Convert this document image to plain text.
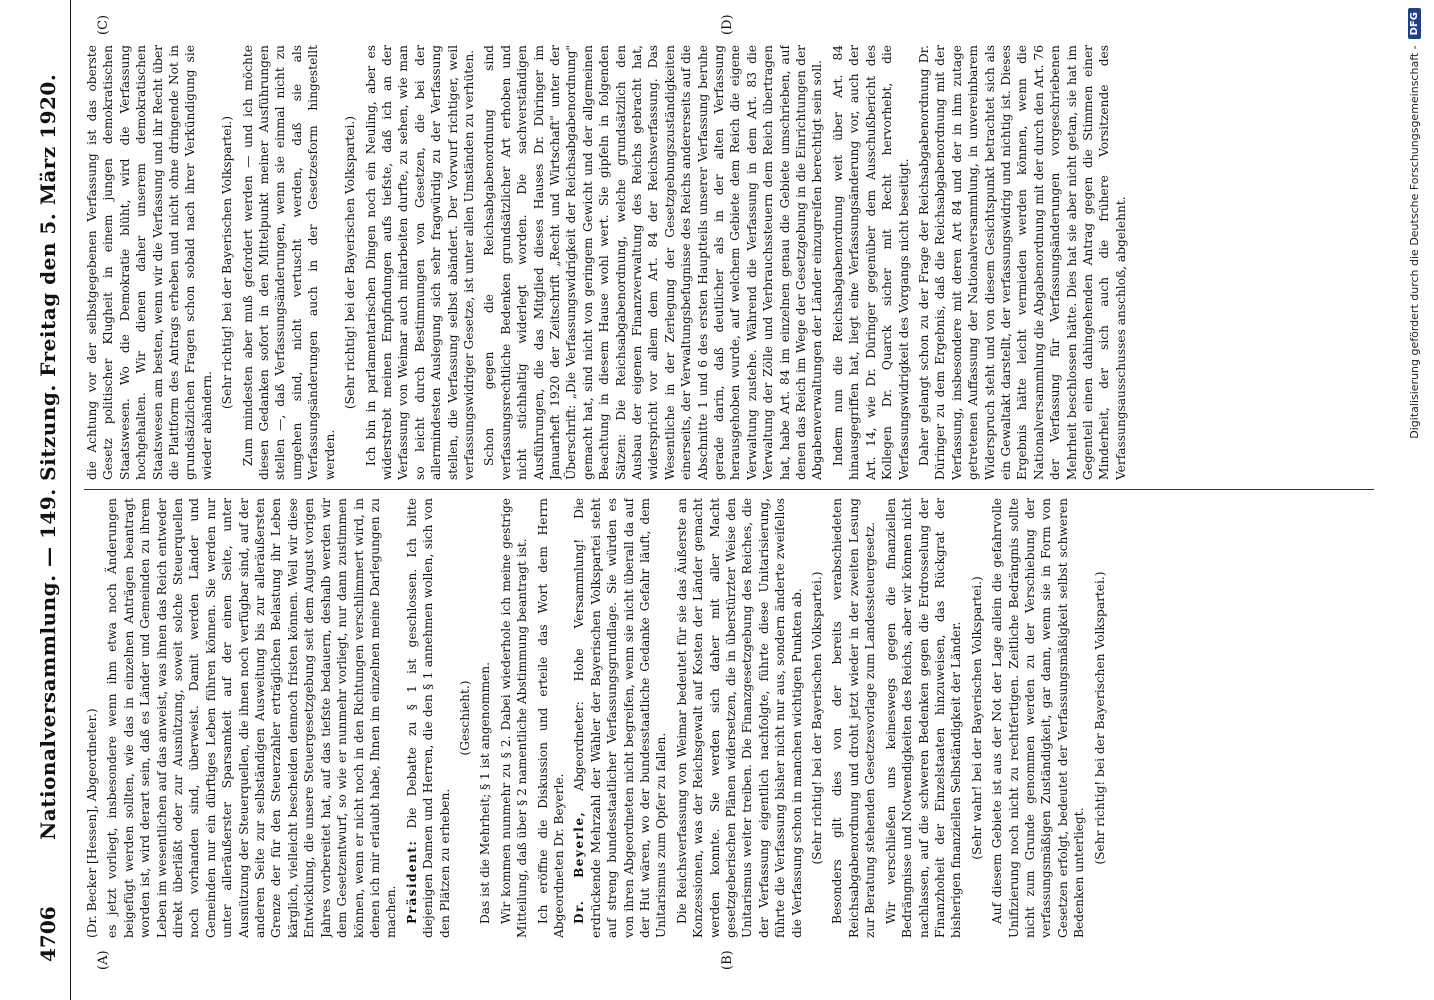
4706
Nationalversammlung. — 149. Sitzung. Freitag den 5. März 1920.
(A)	(B)
(C)	(D)

(Dr. Becker [Hessen], Abgeordneter.) es jetzt vorliegt, insbesondere wenn ihm etwa noch Änderungen beigefügt werden sollten, wie das in einzelnen Anträgen beantragt worden ist, wird derart sein, daß es Länder und Gemeinden zu ihrem Leben im wesentlichen auf das anweist, was ihnen das Reich entweder direkt überläßt oder zur Ausnützung, soweit solche Steuerquellen noch vorhanden sind, überweist. Damit werden Länder und Gemeinden nur ein dürftiges Leben führen können. Sie werden nur unter alleräußerster Sparsamkeit auf der einen Seite, unter Ausnützung der Steuerquellen, die ihnen noch verfügbar sind, auf der anderen Seite zur selbständigen Ausweitung bis zur alleräußersten Grenze der für den Steuerzahler erträglichen Belastung ihr Leben kärglich, vielleicht bescheiden dennoch fristen können. Weil wir diese Entwicklung, die unsere Steuergesetzgebung seit dem August vorigen Jahres vorbereitet hat, auf das tiefste bedauern, deshalb werden wir dem Gesetzentwurf, so wie er nunmehr vorliegt, nur dann zustimmen können, wenn er nicht noch in den Richtungen verschlimmert wird, in denen ich mir erlaubt habe, Ihnen im einzelnen meine Darlegungen zu machen. Präsident: Die Debatte zu § 1 ist geschlossen. Ich bitte diejenigen Damen und Herren, die den § 1 annehmen wollen, sich von den Plätzen zu erheben.

(Geschieht.) Das ist die Mehrheit; § 1 ist angenommen. Wir kommen nunmehr zu § 2. Dabei wiederhole ich meine gestrige Mitteilung, daß über § 2 namentliche Abstimmung beantragt ist. Ich eröffne die Diskussion und erteile das Wort dem Herrn Abgeordneten Dr. Beyerle. Dr. Beyerle, Abgeordneter: Hohe Versammlung! Die erdrückende Mehrzahl der Wähler der Bayerischen Volkspartei steht auf streng bundesstaatlicher Verfassungsgrundlage. Sie würden es von ihren Abgeordneten nicht begreifen, wenn sie nicht überall da auf der Hut wären, wo der bundesstaatliche Gedanke Gefahr läuft, dem Unitarismus zum Opfer zu fallen. Die Reichsverfassung von Weimar bedeutet für sie das Äußerste an Konzessionen, was der Reichsgewalt auf Kosten der Länder gemacht werden konnte. Sie werden sich daher mit aller Macht gesetzgeberischen Plänen widersetzen, die in überstürzter Weise den Unitarismus weiter treiben. Die Finanzgesetzgebung des Reiches, die der Verfassung eigentlich nachfolgte, führte diese Unitarisierung, führte die Verfassung bisher nicht nur aus, sondern änderte zweifellos die Verfassung schon in manchen wichtigen Punkten ab. (Sehr richtig! bei der Bayerischen Volkspartei.) Besonders gilt dies von der bereits verabschiedeten Reichsabgabenordnung und droht jetzt wieder in der zweiten Lesung zur Beratung stehenden Gesetzesvorlage zum Landessteuergesetz. Wir verschließen uns keineswegs gegen die finanziellen Bedrängnisse und Notwendigkeiten des Reichs, aber wir können nicht nachlassen, auf die schweren Bedenken gegen die Erdrosselung der Finanzhoheit der Einzelstaaten hinzuweisen, das Rückgrat der bisherigen finanziellen Selbständigkeit der Länder. (Sehr wahr! bei der Bayerischen Volkspartei.) Auf diesem Gebiete ist aus der Not der Lage allein die gefahrvolle Unifizierung noch nicht zu rechtfertigen. Zeitliche Bedrängnis sollte nicht zum Grunde genommen werden zu der Verschiebung der verfassungsmäßigen Zuständigkeit, gar dann, wenn sie in Form von Gesetzen erfolgt, bedeutet der Verfassungsmäßigkeit selbst schweren Bedenken unterliegt.

(Sehr richtig! bei der Bayerischen Volkspartei.)

die Achtung vor der selbstgegebenen Verfassung ist das oberste Gesetz politischer Klugheit in einem jungen demokratischen Staatswesen. Wo die Demokratie blüht, wird die Verfassung hochgehalten. Wir dienen daher unserem demokratischen Staatswesen am besten, wenn wir die Verfassung und ihr Recht über die Plattform des Antrags erheben und nicht ohne dringende Not in grundsätzlichen Fragen schon sobald nach ihrer Verkündigung sie wieder abändern.

(Sehr richtig! bei der Bayerischen Volkspartei.) Zum mindesten aber muß gefordert werden — und ich möchte diesen Gedanken sofort in den Mittelpunkt meiner Ausführungen stellen —, daß Verfassungsänderungen, wenn sie einmal nicht zu umgehen sind, nicht vertuscht werden, daß sie als Verfassungsänderungen auch in der Gesetzesform hingestellt werden.

(Sehr richtig! bei der Bayerischen Volkspartei.) Ich bin in parlamentarischen Dingen noch ein Neuling, aber es widerstrebt meinen Empfindungen aufs tiefste, daß ich an der Verfassung von Weimar auch mitarbeiten durfte, zu sehen, wie man so leicht durch Bestimmungen von Gesetzen, die bei der allermindesten Auslegung sich sehr fragwürdig zu der Verfassung stellen, die Verfassung selbst abändert. Der Vorwurf richtiger, weil verfassungswidriger Gesetze, ist unter allen Umständen zu verhüten. Schon gegen die Reichsabgabenordnung sind verfassungsrechtliche Bedenken grundsätzlicher Art erhoben und nicht stichhaltig widerlegt worden. Die sachverständigen Ausführungen, die das Mitglied dieses Hauses Dr. Düringer im Januarheft 1920 der Zeitschrift „Recht und Wirtschaft" unter der Überschrift: „Die Verfassungswidrigkeit der Reichsabgabenordnung" gemacht hat, sind nicht von geringem Gewicht und der allgemeinen Beachtung in diesem Hause wohl wert. Sie gipfeln in folgenden Sätzen: Die Reichsabgabenordnung, welche grundsätzlich den Ausbau der eigenen Finanzverwaltung des Reichs gebracht hat, widerspricht vor allem dem Art. 84 der Reichsverfassung. Das Wesentliche in der Zerlegung der Gesetzgebungszuständigkeiten einerseits, der Verwaltungsbefugnisse des Reichs andererseits auf die Abschnitte 1 und 6 des ersten Hauptteils unserer Verfassung beruhe gerade darin, daß deutlicher als in der alten Verfassung herausgehoben wurde, auf welchem Gebiete dem Reich die eigene Verwaltung zustehe. Während die Verfassung in dem Art. 83 die Verwaltung der Zölle und Verbrauchssteuern dem Reich übertragen hat, habe Art. 84 im einzelnen genau die Gebiete umschrieben, auf denen das Reich im Wege der Gesetzgebung in die Einrichtungen der Abgabenverwaltungen der Länder einzugreifen berechtigt sein soll. Indem nun die Reichsabgabenordnung weit über Art. 84 hinausgegriffen hat, liegt eine Verfassungsänderung vor, auch der Art. 14, wie Dr. Düringer gegenüber dem Ausschußbericht des Kollegen Dr. Quarck sicher mit Recht hervorhebt, die Verfassungswidrigkeit des Vorgangs nicht beseitigt. Daher gelangt schon zu der Frage der Reichsabgabenordnung Dr. Düringer zu dem Ergebnis, daß die Reichsabgabenordnung mit der Verfassung, insbesondere mit deren Art 84 und der in ihm zutage getretenen Auffassung der Nationalversammlung, in unvereinbarem Widerspruch steht und von diesem Gesichtspunkt betrachtet sich als ein Gewaltakt darstellt, der verfassungswidrig und nichtig ist. Dieses Ergebnis hätte leicht vermieden werden können, wenn die Nationalversammlung die Abgabenordnung mit der durch den Art. 76 der Verfassung für Verfassungsänderungen vorgeschriebenen Mehrheit beschlossen hätte. Dies hat sie aber nicht getan, sie hat im Gegenteil einen dahingehenden Antrag gegen die Stimmen einer Minderheit, der sich auch die frühere Vorsitzende des Verfassungsausschusses anschloß, abgelehnt.	Digitalisierung gefördert durch die Deutsche Forschungsgemeinschaft -
DFG
